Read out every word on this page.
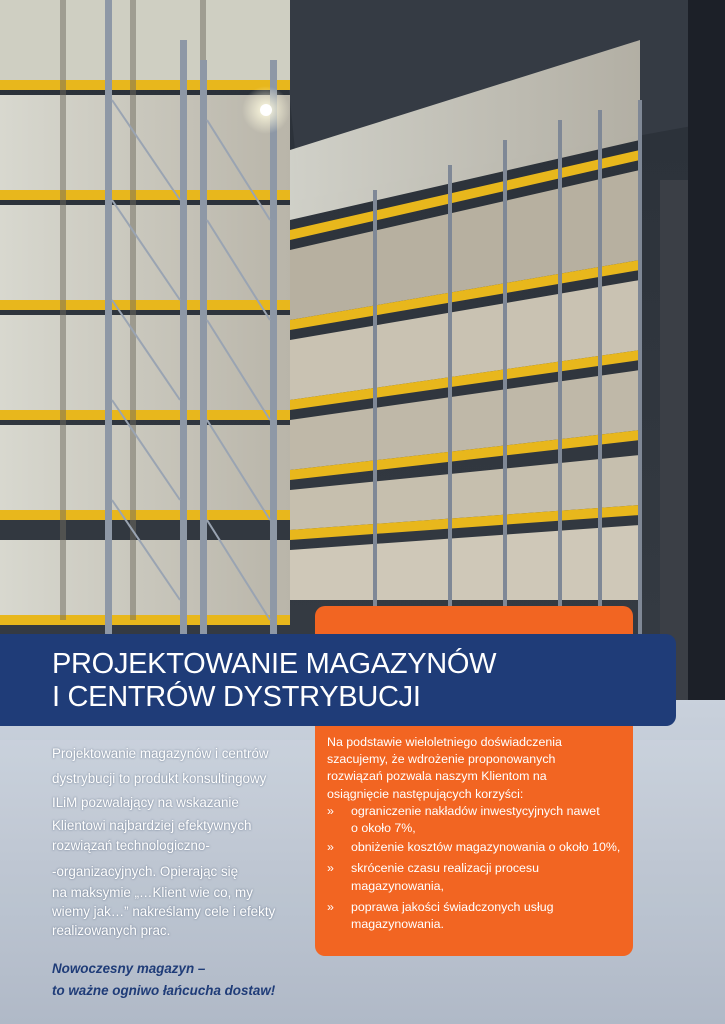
PROJEKTOWANIE MAGAZYNÓW
I CENTRÓW DYSTRYBUCJI

Na podstawie wieloletniego doświadczenia
szacujemy, że wdrożenie proponowanych
rozwiązań pozwala naszym Klientom na
osiągnięcie następujących korzyści:

» ograniczenie nakładów inwestycyjnych nawet
o około 7%,
» obniżenie kosztów magazynowania o około 10%,
» skrócenie czasu realizacji procesu
magazynowania,
» poprawa jakości świadczonych usług
magazynowania.

Projektowanie magazynów i centrów
dystrybucji to produkt konsultingowy
ILiM pozwalający na wskazanie
Klientowi najbardziej efektywnych
rozwiązań technologiczno-
-organizacyjnych. Opierając się
na maksymie „…Klient wie co, my
wiemy jak…” nakreślamy cele i efekty
realizowanych prac.

Nowoczesny magazyn –
to ważne ogniwo łańcucha dostaw!
